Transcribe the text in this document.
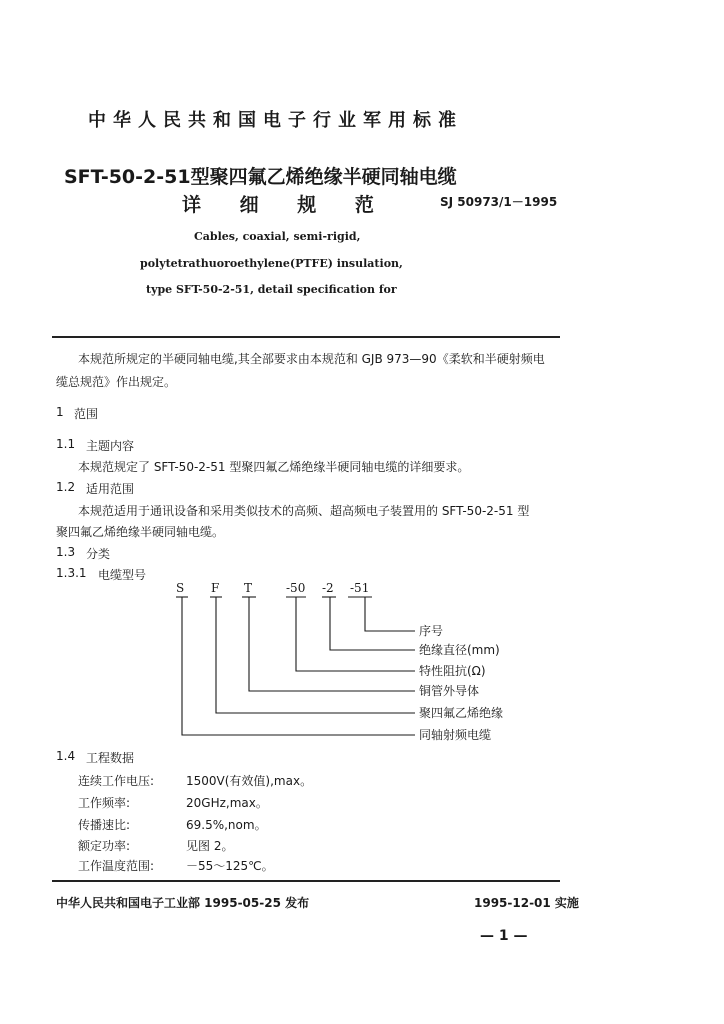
中华人民共和国电子行业军用标准
SFT-50-2-51型聚四氟乙烯绝缘半硬同轴电缆
详 细 规 范	SJ 50973/1－1995
Cables, coaxial, semi-rigid,
polytetrathuoroethylene(PTFE) insulation,
type SFT-50-2-51, detail specification for
本规范所规定的半硬同轴电缆,其全部要求由本规范和 GJB 973—90《柔软和半硬射频电
缆总规范》作出规定。
1 范围
1.1 主题内容
本规范规定了 SFT-50-2-51 型聚四氟乙烯绝缘半硬同轴电缆的详细要求。
1.2 适用范围
本规范适用于通讯设备和采用类似技术的高频、超高频电子装置用的 SFT-50-2-51 型
聚四氟乙烯绝缘半硬同轴电缆。
1.3 分类
1.3.1 电缆型号
S F T	-50 -2 -51
序号
绝缘直径(mm)
特性阻抗(Ω)
铜管外导体
聚四氟乙烯绝缘
同轴射频电缆
1.4 工程数据
连续工作电压:	1500V(有效值),max。
工作频率:	20GHz,max。
传播速比:	69.5%,nom。
额定功率:	见图 2。
工作温度范围:	－55～125℃。
中华人民共和国电子工业部 1995-05-25 发布	1995-12-01 实施
— 1 —
